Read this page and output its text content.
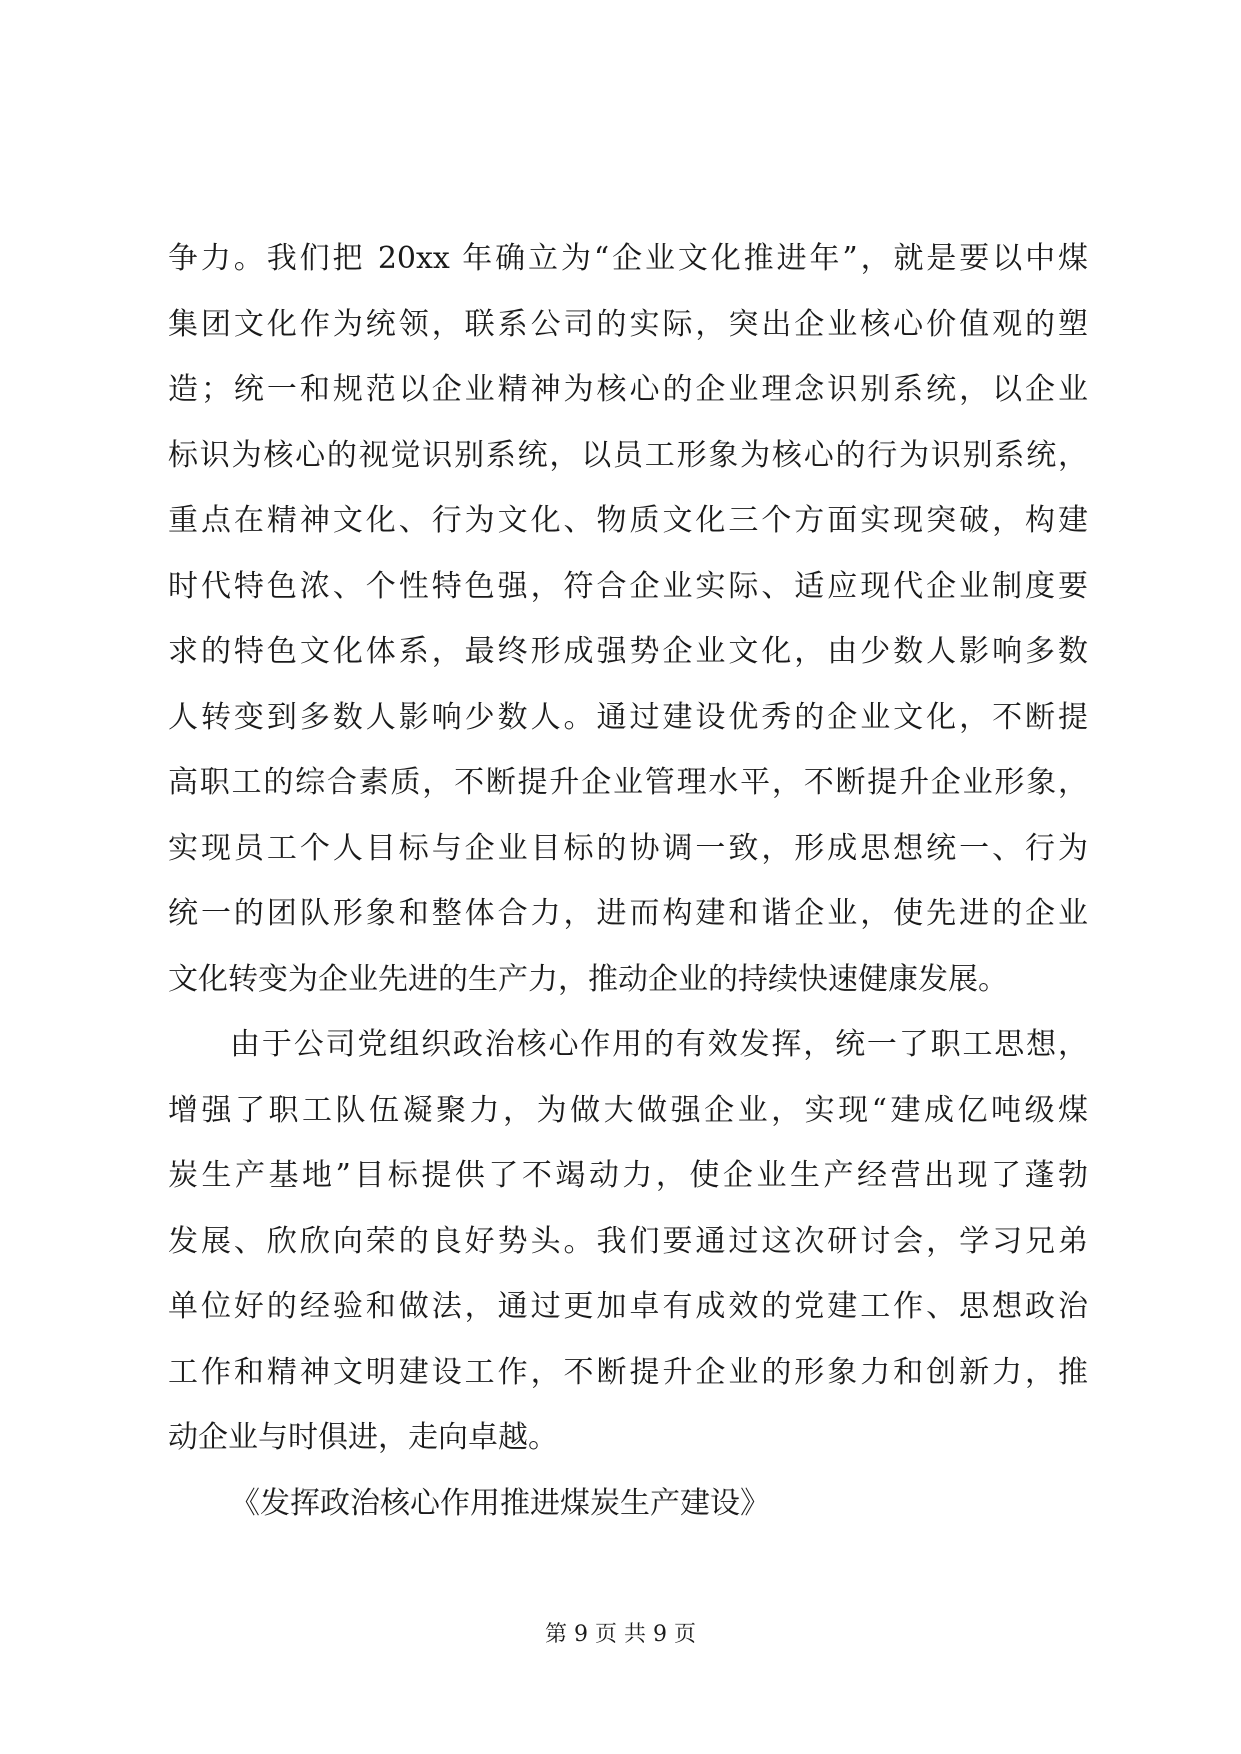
争力。我们把 20xx 年确立为“企业文化推进年”，就是要以中煤
集团文化作为统领，联系公司的实际，突出企业核心价值观的塑
造；统一和规范以企业精神为核心的企业理念识别系统，以企业
标识为核心的视觉识别系统，以员工形象为核心的行为识别系统，
重点在精神文化、行为文化、物质文化三个方面实现突破，构建
时代特色浓、个性特色强，符合企业实际、适应现代企业制度要
求的特色文化体系，最终形成强势企业文化，由少数人影响多数
人转变到多数人影响少数人。通过建设优秀的企业文化，不断提
高职工的综合素质，不断提升企业管理水平，不断提升企业形象，
实现员工个人目标与企业目标的协调一致，形成思想统一、行为
统一的团队形象和整体合力，进而构建和谐企业，使先进的企业
文化转变为企业先进的生产力，推动企业的持续快速健康发展。
由于公司党组织政治核心作用的有效发挥，统一了职工思想，
增强了职工队伍凝聚力，为做大做强企业，实现“建成亿吨级煤
炭生产基地”目标提供了不竭动力，使企业生产经营出现了蓬勃
发展、欣欣向荣的良好势头。我们要通过这次研讨会，学习兄弟
单位好的经验和做法，通过更加卓有成效的党建工作、思想政治
工作和精神文明建设工作，不断提升企业的形象力和创新力，推
动企业与时俱进，走向卓越。
《发挥政治核心作用推进煤炭生产建设》
第 9 页 共 9 页
